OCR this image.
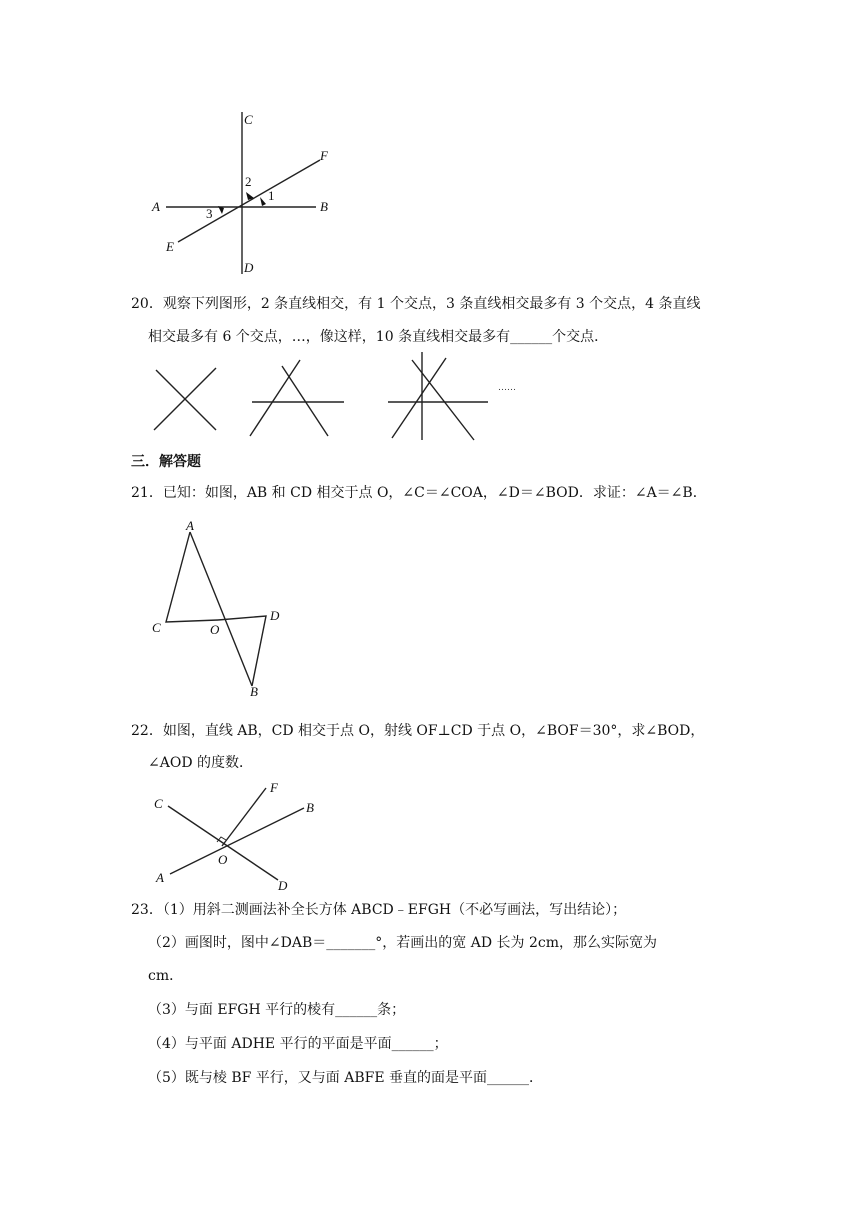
C
F
2
1
A	B
3
E
D
20．观察下列图形，2 条直线相交，有 1 个交点，3 条直线相交最多有 3 个交点，4 条直线
相交最多有 6 个交点，…，像这样，10 条直线相交最多有______个交点．
……
三．解答题
21．已知：如图，AB 和 CD 相交于点 O，∠C＝∠COA，∠D＝∠BOD．求证：∠A＝∠B．
A
C	O
D
B
22．如图，直线 AB，CD 相交于点 O，射线 OF⊥CD 于点 O，∠BOF＝30°，求∠BOD，
∠AOD 的度数．
C
F
B
O
A
D
23．（1）用斜二测画法补全长方体 ABCD﹣EFGH（不必写画法，写出结论）；
（2）画图时，图中∠DAB＝_______°，若画出的宽 AD 长为 2cm，那么实际宽为
cm．
（3）与面 EFGH 平行的棱有______条；
（4）与平面 ADHE 平行的平面是平面______；
（5）既与棱 BF 平行，又与面 ABFE 垂直的面是平面______．
